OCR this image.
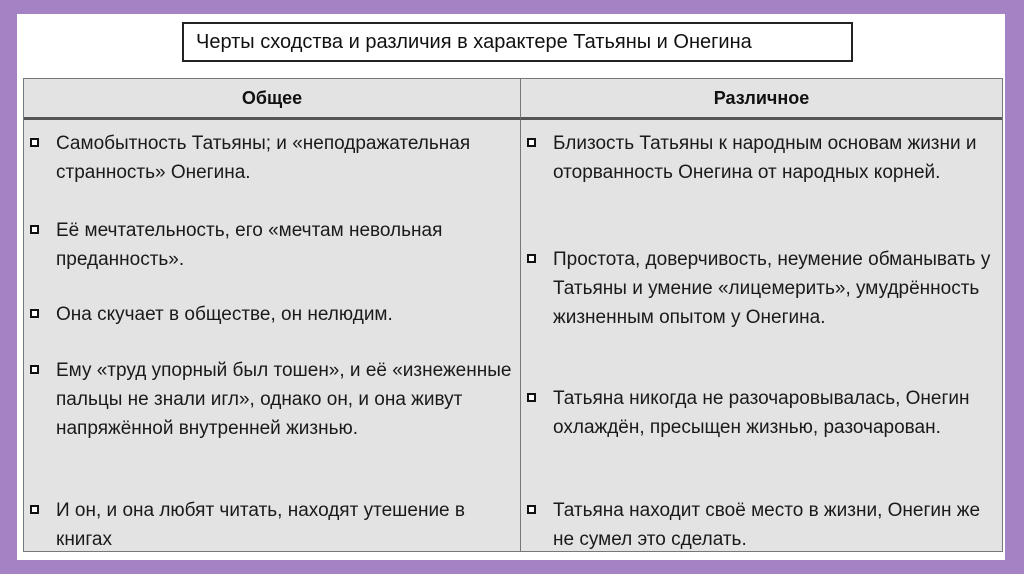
Черты сходства и различия в характере Татьяны и Онегина
Общее	Различное
Самобытность Татьяны; и «неподражательная странность» Онегина.
Её мечтательность, его «мечтам невольная преданность».
Она скучает в обществе, он нелюдим.
Ему «труд упорный был тошен», и её «изнеженные пальцы не знали игл», однако он, и она живут напряжённой внутренней жизнью.
И он, и она любят читать, находят утешение в книгах
Близость Татьяны к народным основам жизни и оторванность Онегина от народных корней.
Простота, доверчивость, неумение обманывать у Татьяны и умение «лицемерить», умудрённость жизненным опытом у Онегина.
Татьяна никогда не разочаровывалась, Онегин охлаждён, пресыщен жизнью, разочарован.
Татьяна находит своё место в жизни, Онегин же не сумел это сделать.
